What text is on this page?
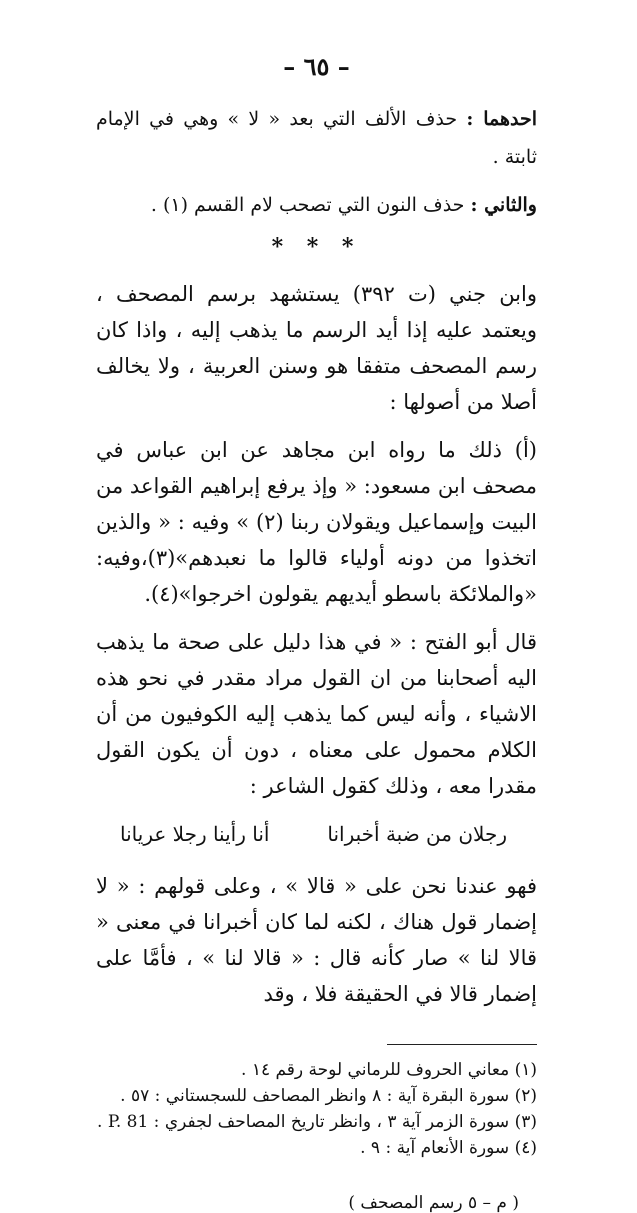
– ٦٥ –

احدهما : حذف الألف التي بعد « لا » وهي في الإمام ثابتة .

والثاني : حذف النون التي تصحب لام القسم (١) .

* * *

وابن جني (ت ٣٩٢) يستشهد برسم المصحف ، ويعتمد عليه إذا أيد الرسم ما يذهب إليه ، واذا كان رسم المصحف متفقا هو وسنن العربية ، ولا يخالف أصلا من أصولها :

(أ) ذلك ما رواه ابن مجاهد عن ابن عباس في مصحف ابن مسعود: « وإذ يرفع إبراهيم القواعد من البيت وإسماعيل ويقولان ربنا (٢) » وفيه : « والذين اتخذوا من دونه أولياء قالوا ما نعبدهم»(٣)،وفيه: «والملائكة باسطو أيديهم يقولون اخرجوا»(٤).

قال أبو الفتح : « في هذا دليل على صحة ما يذهب اليه أصحابنا من ان القول مراد مقدر في نحو هذه الاشياء ، وأنه ليس كما يذهب إليه الكوفيون من أن الكلام محمول على معناه ، دون أن يكون القول مقدرا معه ، وذلك كقول الشاعر :

رجلان من ضبة أخبرانا
أنا رأينا رجلا عريانا

فهو عندنا نحن على « قالا » ، وعلى قولهم : « لا إضمار قول هناك ، لكنه لما كان أخبرانا في معنى « قالا لنا » صار كأنه قال : « قالا لنا » ، فأمَّا على إضمار قالا في الحقيقة فلا ، وقد

(١) معاني الحروف للرماني لوحة رقم ١٤ .
(٢) سورة البقرة آية : ٨ وانظر المصاحف للسجستاني : ٥٧ .
(٣) سورة الزمر آية ٣ ، وانظر تاريخ المصاحف لجفري : P. 81 .
(٤) سورة الأنعام آية : ٩ .
( م – ٥ رسم المصحف )
